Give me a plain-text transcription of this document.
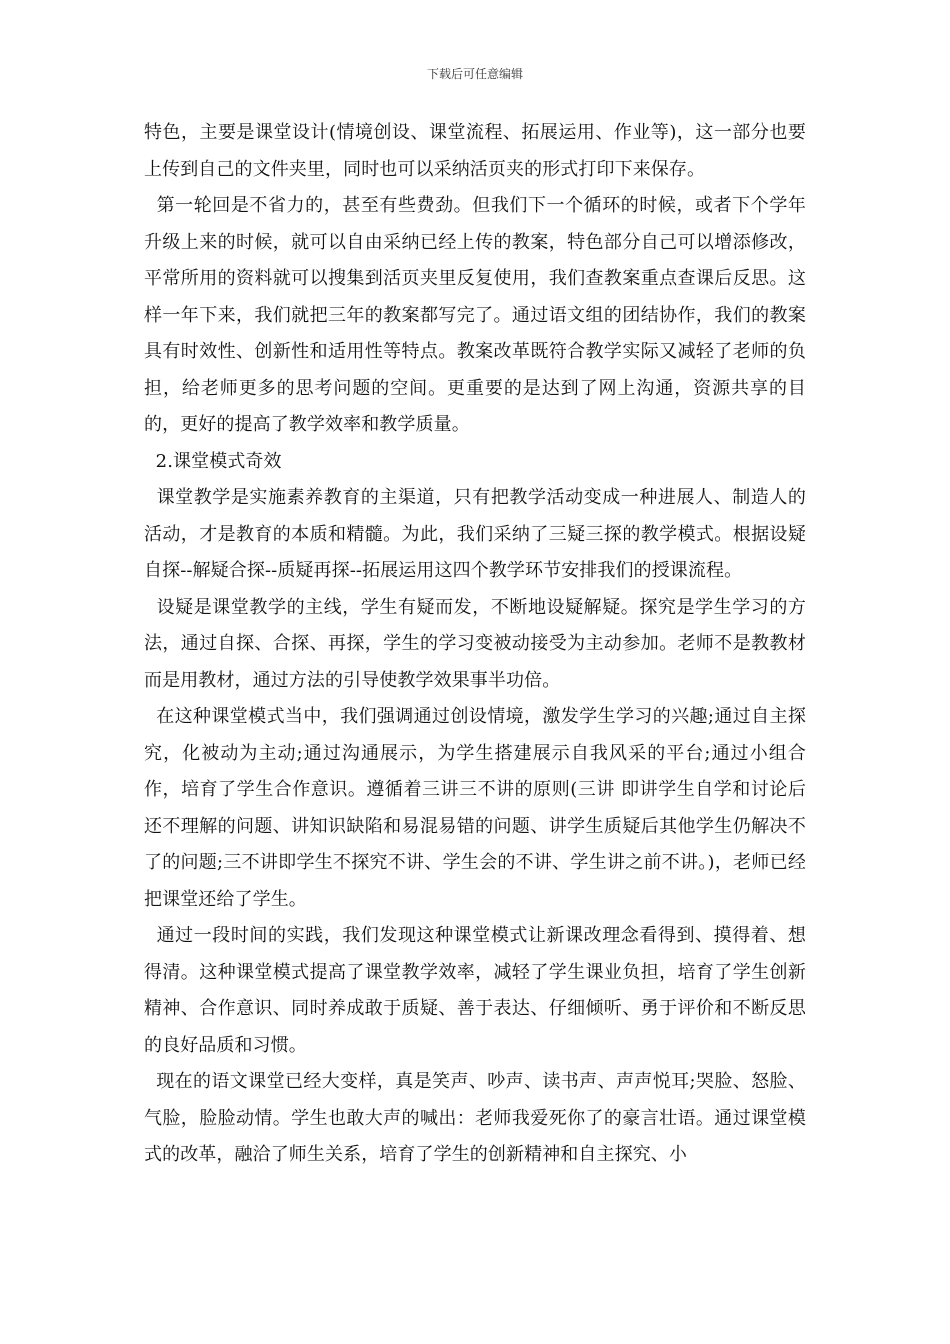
下载后可任意编辑

特色，主要是课堂设计(情境创设、课堂流程、拓展运用、作业等)，这一部分也要上传到自己的文件夹里，同时也可以采纳活页夹的形式打印下来保存。

第一轮回是不省力的，甚至有些费劲。但我们下一个循环的时候，或者下个学年升级上来的时候，就可以自由采纳已经上传的教案，特色部分自己可以增添修改，平常所用的资料就可以搜集到活页夹里反复使用，我们查教案重点查课后反思。这样一年下来，我们就把三年的教案都写完了。通过语文组的团结协作，我们的教案具有时效性、创新性和适用性等特点。教案改革既符合教学实际又减轻了老师的负担，给老师更多的思考问题的空间。更重要的是达到了网上沟通，资源共享的目的，更好的提高了教学效率和教学质量。

2.课堂模式奇效

课堂教学是实施素养教育的主渠道，只有把教学活动变成一种进展人、制造人的活动，才是教育的本质和精髓。为此，我们采纳了三疑三探的教学模式。根据设疑自探--解疑合探--质疑再探--拓展运用这四个教学环节安排我们的授课流程。

设疑是课堂教学的主线，学生有疑而发，不断地设疑解疑。探究是学生学习的方法，通过自探、合探、再探，学生的学习变被动接受为主动参加。老师不是教教材而是用教材，通过方法的引导使教学效果事半功倍。

在这种课堂模式当中，我们强调通过创设情境，激发学生学习的兴趣;通过自主探究，化被动为主动;通过沟通展示，为学生搭建展示自我风采的平台;通过小组合作，培育了学生合作意识。遵循着三讲三不讲的原则(三讲 即讲学生自学和讨论后还不理解的问题、讲知识缺陷和易混易错的问题、讲学生质疑后其他学生仍解决不了的问题;三不讲即学生不探究不讲、学生会的不讲、学生讲之前不讲。)，老师已经把课堂还给了学生。

通过一段时间的实践，我们发现这种课堂模式让新课改理念看得到、摸得着、想得清。这种课堂模式提高了课堂教学效率，减轻了学生课业负担，培育了学生创新精神、合作意识、同时养成敢于质疑、善于表达、仔细倾听、勇于评价和不断反思的良好品质和习惯。

现在的语文课堂已经大变样，真是笑声、吵声、读书声、声声悦耳;哭脸、怒脸、气脸，脸脸动情。学生也敢大声的喊出：老师我爱死你了的豪言壮语。通过课堂模式的改革，融洽了师生关系，培育了学生的创新精神和自主探究、小
